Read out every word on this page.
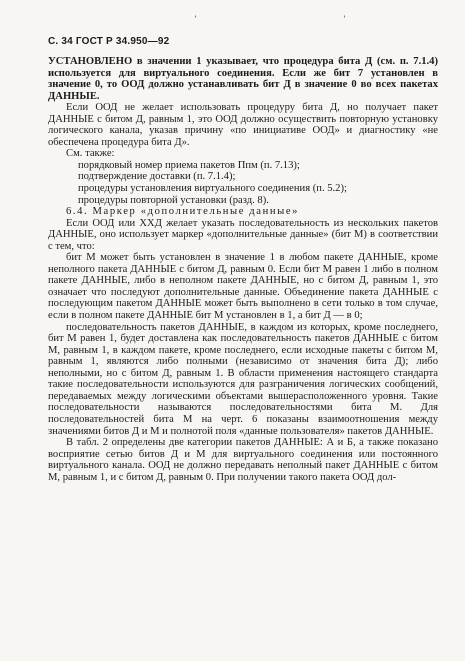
С. 34 ГОСТ Р 34.950—92
ʼ	ʼ

УСТАНОВЛЕНО в значении 1 указывает, что процедура бита Д (см. п. 7.1.4) используется для виртуального соединения. Если же бит 7 установлен в значение 0, то ООД должно устанавливать бит Д в значение 0 во всех пакетах ДАННЫЕ.

Если ООД не желает использовать процедуру бита Д, но получает пакет ДАННЫЕ с битом Д, равным 1, это ООД должно осуществить повторную установку логического канала, указав причину «по инициативе ООД» и диагностику «не обеспечена процедура бита Д».

См. также:

порядковый номер приема пакетов Ппм (п. 7.13);

подтверждение доставки (п. 7.1.4);

процедуры установления виртуального соединения (п. 5.2);

процедуры повторной установки (разд. 8).

6.4. Маркер «дополнительные данные»

Если ООД или ХХД желает указать последовательность из нескольких пакетов ДАННЫЕ, оно использует маркер «дополнительные данные» (бит М) в соответствии с тем, что:

бит М может быть установлен в значение 1 в любом пакете ДАННЫЕ, кроме неполного пакета ДАННЫЕ с битом Д, равным 0. Если бит М равен 1 либо в полном пакете ДАННЫЕ, либо в неполном пакете ДАННЫЕ, но с битом Д, равным 1, это означает что последуют дополнительные данные. Объединение пакета ДАННЫЕ с последующим пакетом ДАННЫЕ может быть выполнено в сети только в том случае, если в полном пакете ДАННЫЕ бит М установлен в 1, а бит Д — в 0;

последовательность пакетов ДАННЫЕ, в каждом из которых, кроме последнего, бит М равен 1, будет доставлена как последовательность пакетов ДАННЫЕ с битом М, равным 1, в каждом пакете, кроме последнего, если исходные пакеты с битом М, равным 1, являются либо полными (независимо от значения бита Д); либо неполными, но с битом Д, равным 1. В области применения настоящего стандарта такие последовательности используются для разграничения логических сообщений, передаваемых между логическими объектами вышерасположенного уровня. Такие последовательности называются последовательностями бита М. Для последовательностей бита М на черт. 6 показаны взаимоотношения между значениями битов Д и М и полнотой поля «данные пользователя» пакетов ДАННЫЕ.

В табл. 2 определены две категории пакетов ДАННЫЕ: А и Б, а также показано восприятие сетью битов Д и М для виртуального соединения или постоянного виртуального канала. ООД не должно передавать неполный пакет ДАННЫЕ с битом М, равным 1, и с битом Д, равным 0. При получении такого пакета ООД дол-
